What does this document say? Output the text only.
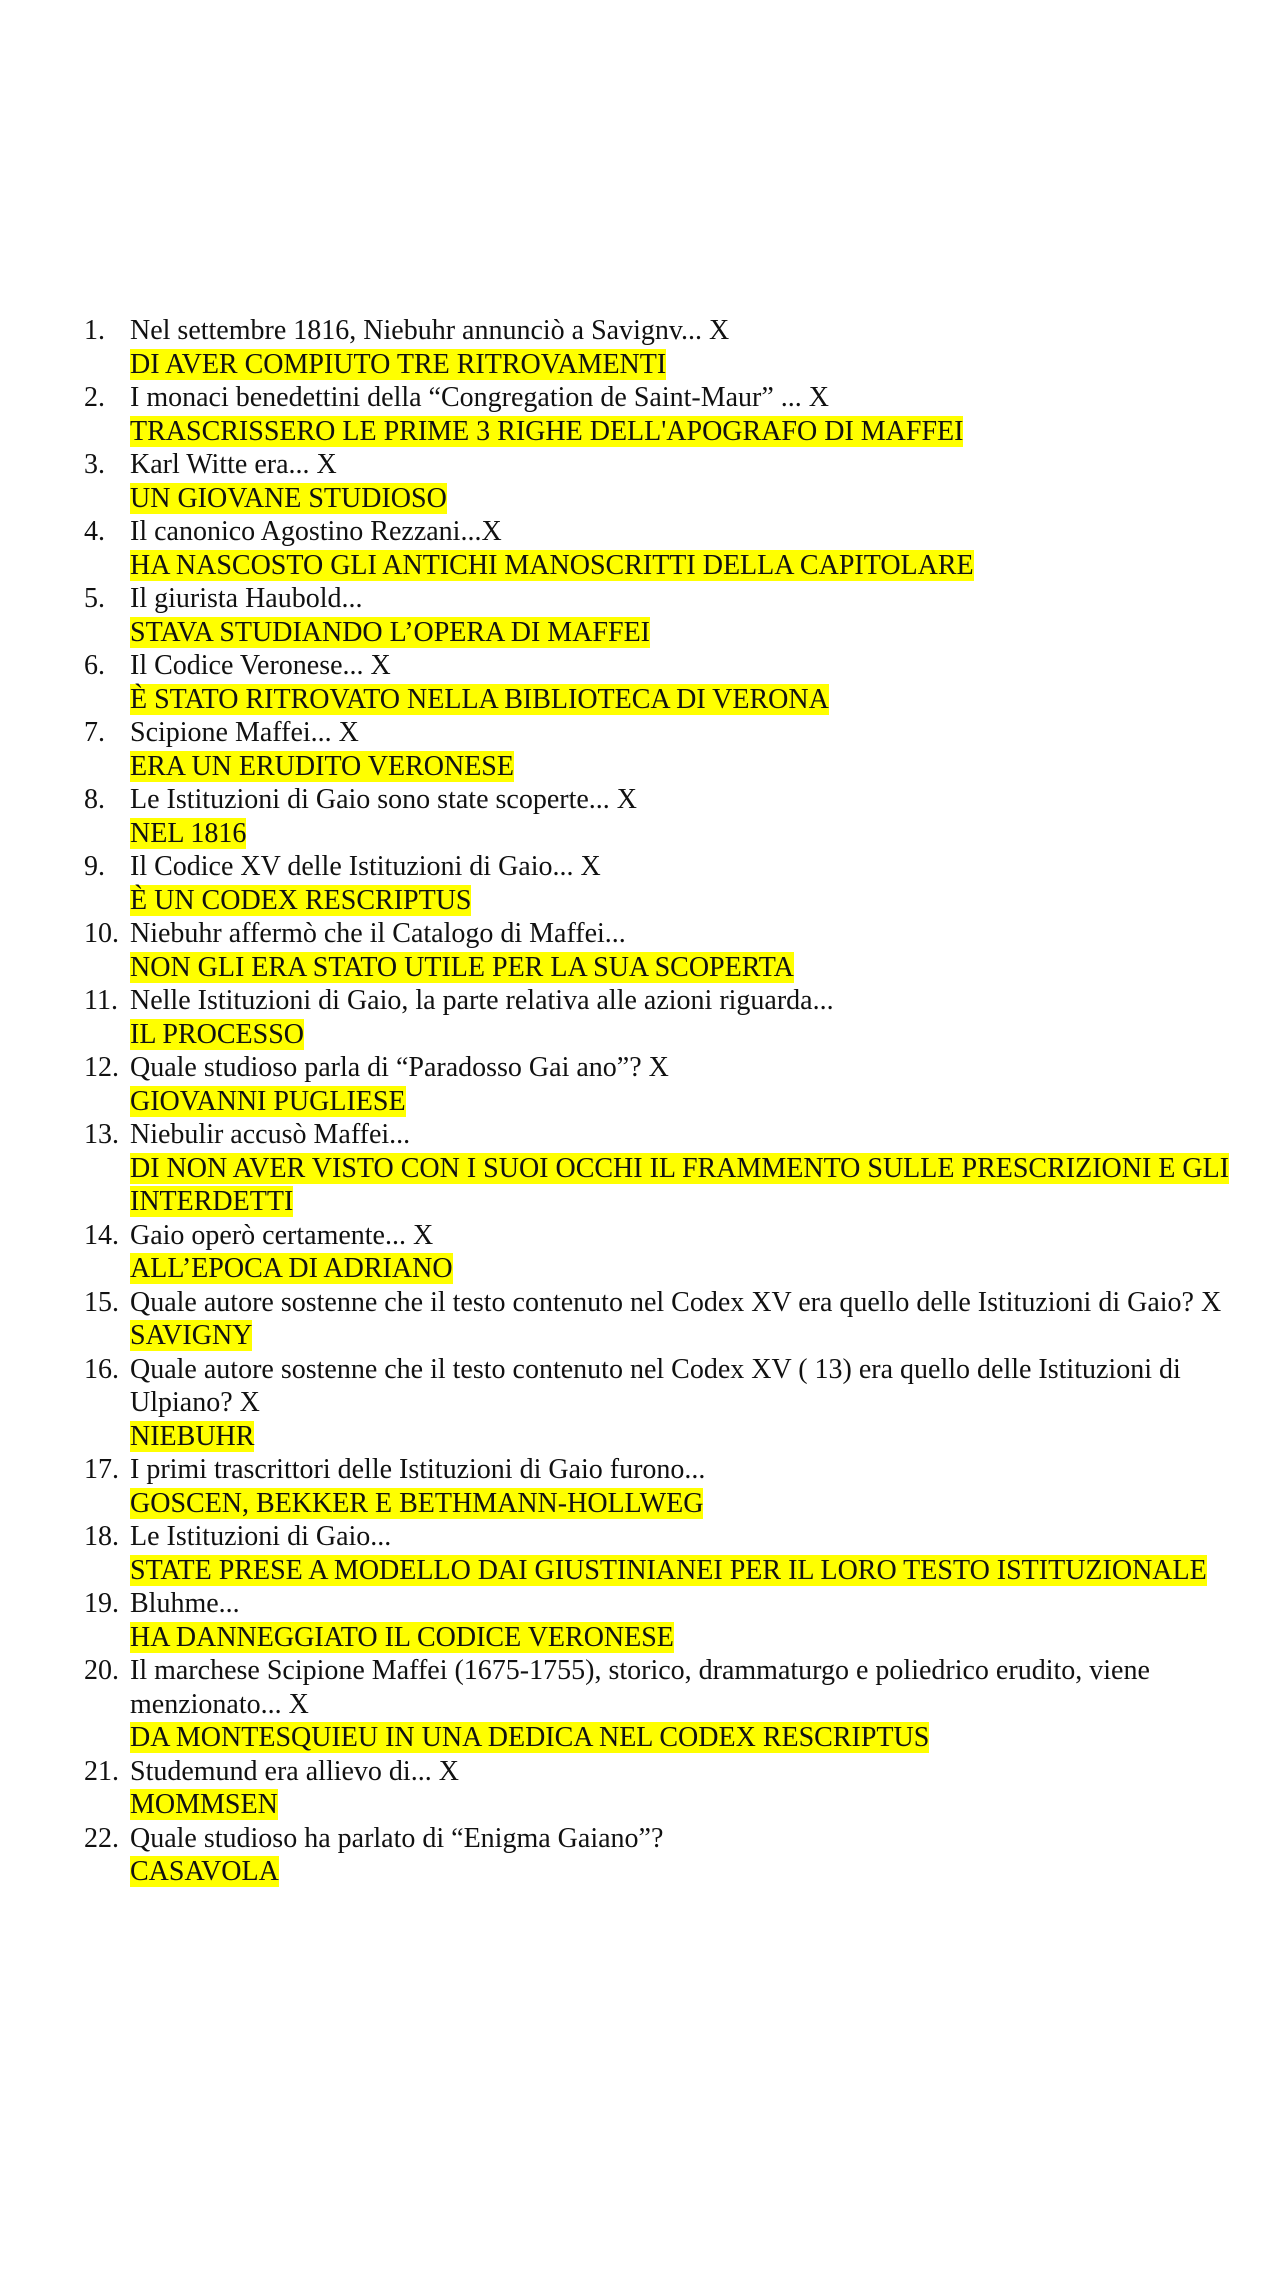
1. Nel settembre 1816, Niebuhr annunciò a Savignv... X
DI AVER COMPIUTO TRE RITROVAMENTI
2. I monaci benedettini della “Congregation de Saint-Maur” ... X
TRASCRISSERO LE PRIME 3 RIGHE DELL'APOGRAFO DI MAFFEI
3. Karl Witte era... X
UN GIOVANE STUDIOSO
4. Il canonico Agostino Rezzani...X
HA NASCOSTO GLI ANTICHI MANOSCRITTI DELLA CAPITOLARE
5. Il giurista Haubold...
STAVA STUDIANDO L’OPERA DI MAFFEI
6. Il Codice Veronese... X
È STATO RITROVATO NELLA BIBLIOTECA DI VERONA
7. Scipione Maffei... X
ERA UN ERUDITO VERONESE
8. Le Istituzioni di Gaio sono state scoperte... X
NEL 1816
9. Il Codice XV delle Istituzioni di Gaio... X
È UN CODEX RESCRIPTUS
10. Niebuhr affermò che il Catalogo di Maffei...
NON GLI ERA STATO UTILE PER LA SUA SCOPERTA
11. Nelle Istituzioni di Gaio, la parte relativa alle azioni riguarda...
IL PROCESSO
12. Quale studioso parla di “Paradosso Gai ano”? X
GIOVANNI PUGLIESE
13. Niebulir accusò Maffei...
DI NON AVER VISTO CON I SUOI OCCHI IL FRAMMENTO SULLE PRESCRIZIONI E GLI INTERDETTI
14. Gaio operò certamente... X
ALL’EPOCA DI ADRIANO
15. Quale autore sostenne che il testo contenuto nel Codex XV era quello delle Istituzioni di Gaio? X
SAVIGNY
16. Quale autore sostenne che il testo contenuto nel Codex XV ( 13) era quello delle Istituzioni di Ulpiano? X
NIEBUHR
17. I primi trascrittori delle Istituzioni di Gaio furono...
GOSCEN, BEKKER E BETHMANN-HOLLWEG
18. Le Istituzioni di Gaio...
STATE PRESE A MODELLO DAI GIUSTINIANEI PER IL LORO TESTO ISTITUZIONALE
19. Bluhme...
HA DANNEGGIATO IL CODICE VERONESE
20. Il marchese Scipione Maffei (1675-1755), storico, drammaturgo e poliedrico erudito, viene menzionato... X
DA MONTESQUIEU IN UNA DEDICA NEL CODEX RESCRIPTUS
21. Studemund era allievo di... X
MOMMSEN
22. Quale studioso ha parlato di “Enigma Gaiano”?
CASAVOLA
